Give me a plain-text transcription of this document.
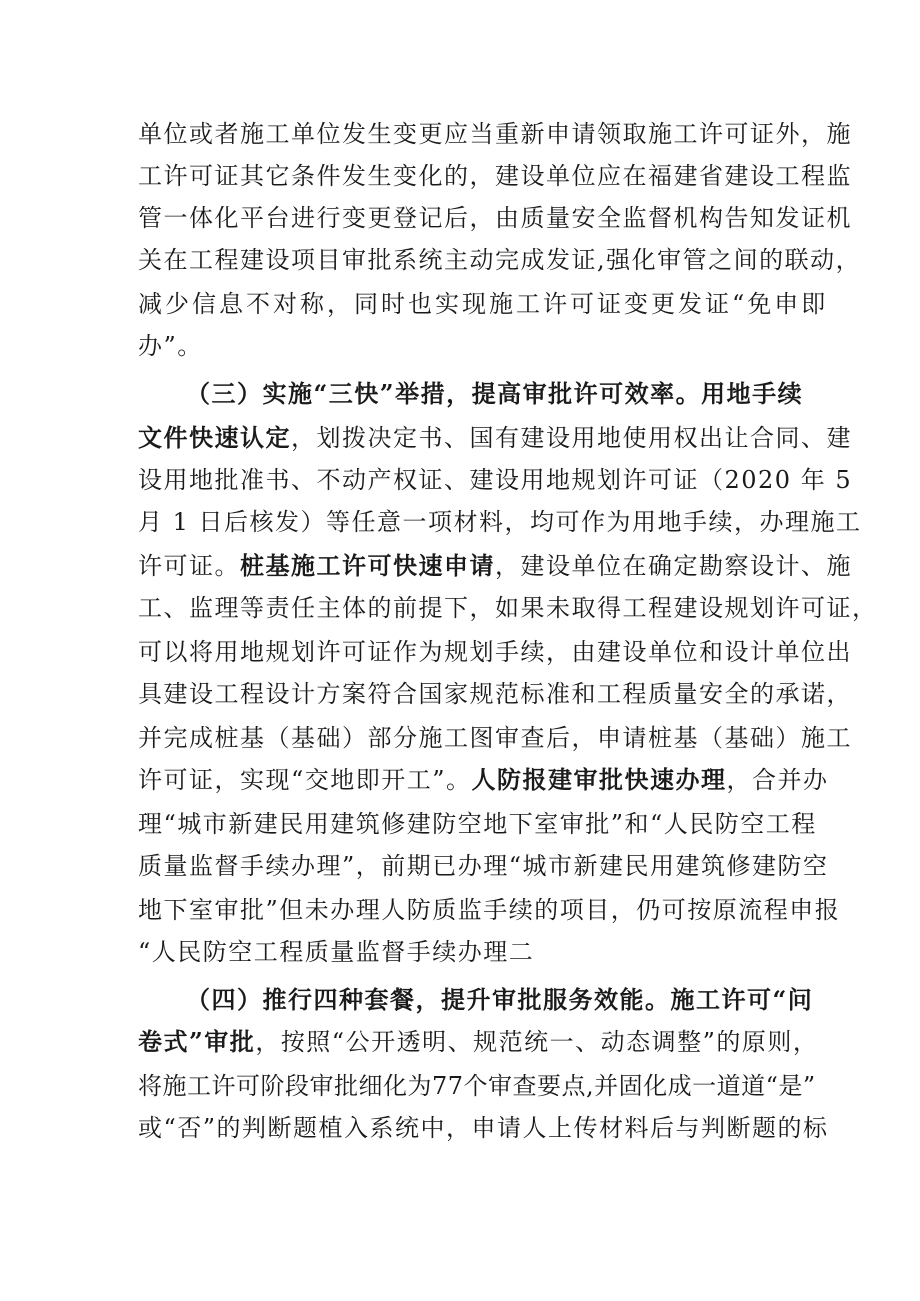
单位或者施工单位发生变更应当重新申请领取施工许可证外，施
工许可证其它条件发生变化的，建设单位应在福建省建设工程监
管一体化平台进行变更登记后，由质量安全监督机构告知发证机
关在工程建设项目审批系统主动完成发证,强化审管之间的联动，
减少信息不对称，同时也实现施工许可证变更发证“免申即
办”。
（三）实施“三快”举措，提高审批许可效率。用地手续
文件快速认定，划拨决定书、国有建设用地使用权出让合同、建
设用地批准书、不动产权证、建设用地规划许可证（2020 年 5
月 1 日后核发）等任意一项材料，均可作为用地手续，办理施工
许可证。桩基施工许可快速申请，建设单位在确定勘察设计、施
工、监理等责任主体的前提下，如果未取得工程建设规划许可证，
可以将用地规划许可证作为规划手续，由建设单位和设计单位出
具建设工程设计方案符合国家规范标准和工程质量安全的承诺，
并完成桩基（基础）部分施工图审查后，申请桩基（基础）施工
许可证，实现“交地即开工”。人防报建审批快速办理，合并办
理“城市新建民用建筑修建防空地下室审批”和“人民防空工程
质量监督手续办理”，前期已办理“城市新建民用建筑修建防空
地下室审批”但未办理人防质监手续的项目，仍可按原流程申报
“人民防空工程质量监督手续办理二
（四）推行四种套餐，提升审批服务效能。施工许可“问
卷式”审批，按照“公开透明、规范统一、动态调整”的原则，
将施工许可阶段审批细化为77个审查要点,并固化成一道道“是”
或“否”的判断题植入系统中，申请人上传材料后与判断题的标
